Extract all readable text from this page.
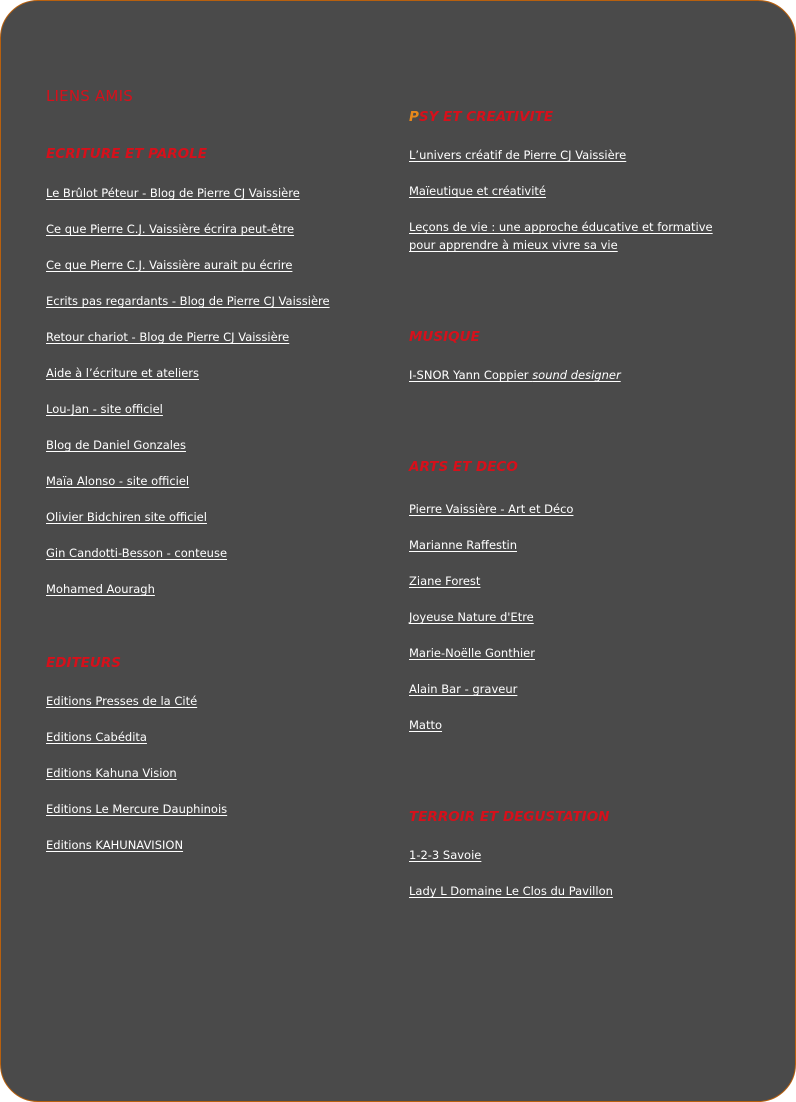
LIENS AMIS
ECRITURE ET PAROLE
Le Brûlot Péteur - Blog de Pierre CJ Vaissière
Ce que Pierre C.J. Vaissière écrira peut-être
Ce que Pierre C.J. Vaissière aurait pu écrire
Ecrits pas regardants - Blog de Pierre CJ Vaissière
Retour chariot - Blog de Pierre CJ Vaissière
Aide à l’écriture et ateliers
Lou-Jan - site officiel
Blog de Daniel Gonzales
Maïa Alonso - site officiel
Olivier Bidchiren site officiel
Gin Candotti-Besson - conteuse
Mohamed Aouragh
EDITEURS
Editions Presses de la Cité
Editions Cabédita
Editions Kahuna Vision
Editions Le Mercure Dauphinois
Editions KAHUNAVISION
PSY ET CREATIVITE
L’univers créatif de Pierre CJ Vaissière
Maïeutique et créativité
Leçons de vie : une approche éducative et formative pour apprendre à mieux vivre sa vie
MUSIQUE
I-SNOR Yann Coppier sound designer
ARTS ET DECO
Pierre Vaissière - Art et Déco
Marianne Raffestin
Ziane Forest
Joyeuse Nature d'Etre
Marie-Noëlle Gonthier
Alain Bar - graveur
Matto
TERROIR ET DEGUSTATION
1-2-3 Savoie
Lady L Domaine Le Clos du Pavillon
